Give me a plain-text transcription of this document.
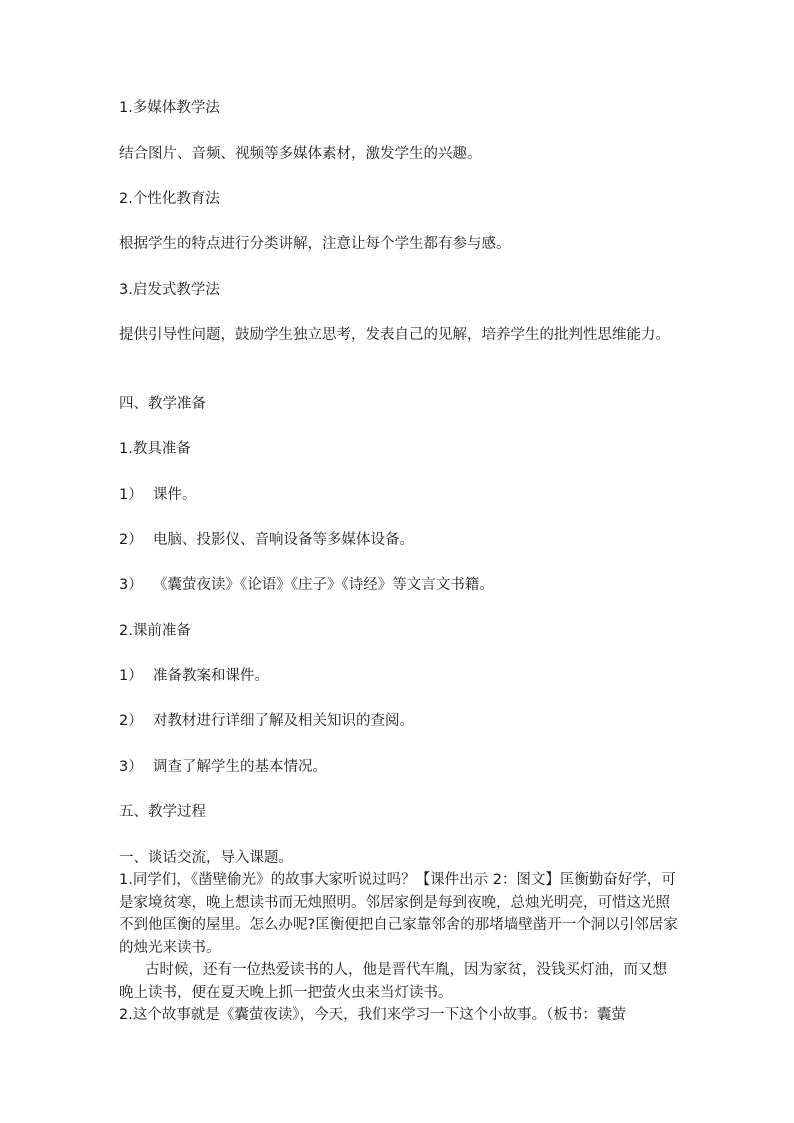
1.多媒体教学法

结合图片、音频、视频等多媒体素材，激发学生的兴趣。

2.个性化教育法

根据学生的特点进行分类讲解，注意让每个学生都有参与感。

3.启发式教学法

提供引导性问题，鼓励学生独立思考，发表自己的见解，培养学生的批判性思维能力。

四、教学准备

1.教具准备

1） 课件。

2） 电脑、投影仪、音响设备等多媒体设备。

3） 《囊萤夜读》《论语》《庄子》《诗经》等文言文书籍。

2.课前准备

1） 准备教案和课件。

2） 对教材进行详细了解及相关知识的查阅。

3） 调查了解学生的基本情况。

五、教学过程

一、谈话交流，导入课题。

1.同学们，《凿壁偷光》的故事大家听说过吗？【课件出示 2：图文】匡衡勤奋好学，可是家境贫寒，晚上想读书而无烛照明。邻居家倒是每到夜晚，总烛光明亮，可惜这光照不到他匡衡的屋里。怎么办呢?匡衡便把自己家靠邻舍的那堵墙壁凿开一个洞以引邻居家的烛光来读书。

古时候，还有一位热爱读书的人，他是晋代车胤，因为家贫，没钱买灯油，而又想晚上读书，便在夏天晚上抓一把萤火虫来当灯读书。

2.这个故事就是《囊萤夜读》，今天，我们来学习一下这个小故事。（板书：囊萤
